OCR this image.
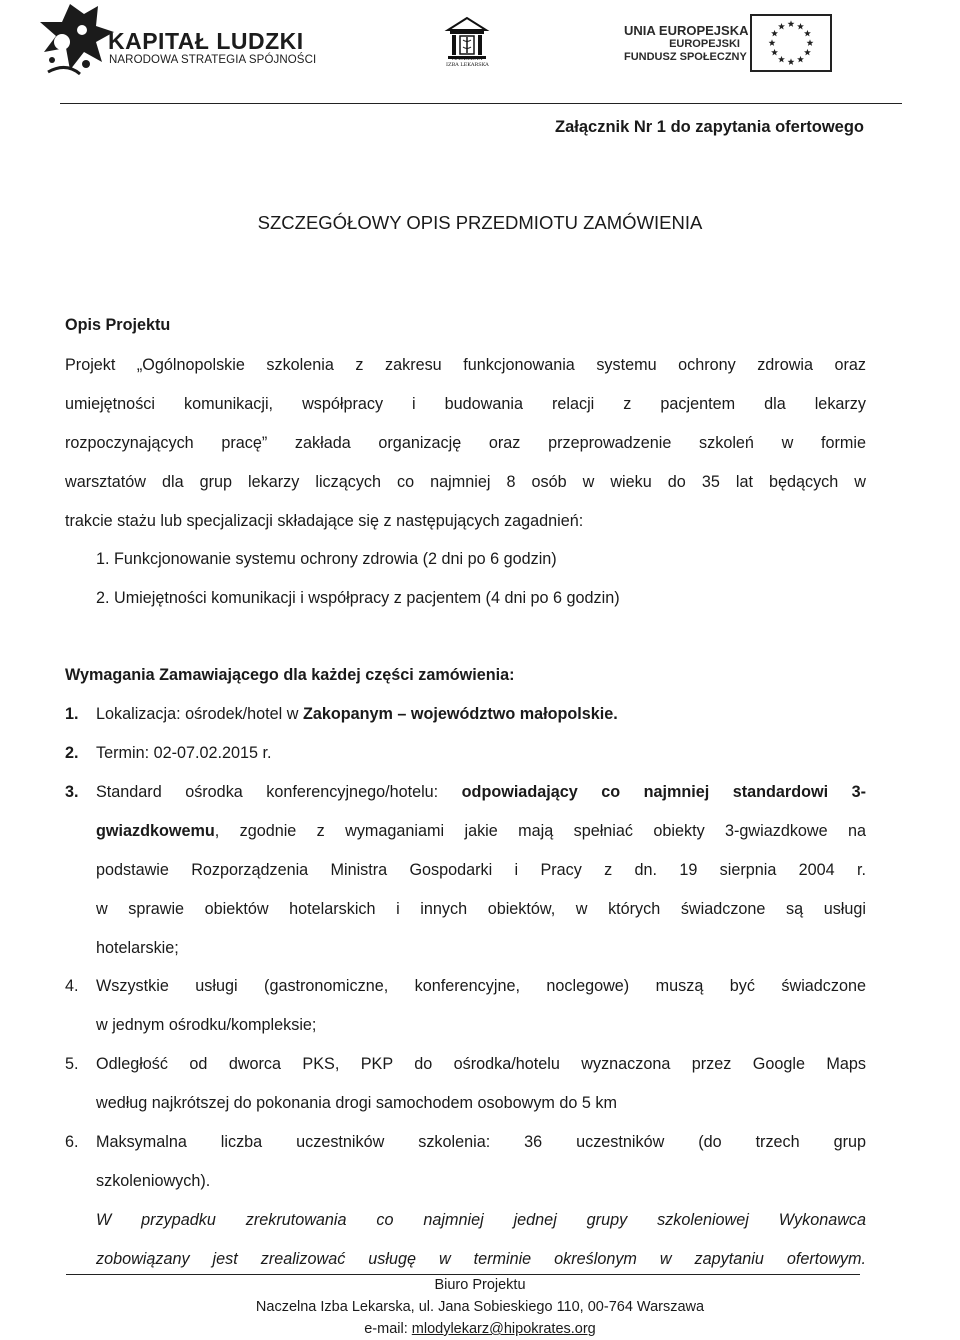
KAPITAŁ LUDZKI
NARODOWA STRATEGIA SPÓJNOŚCI	NACZELNA
IZBA LEKARSKA
UNIA EUROPEJSKA
EUROPEJSKI
FUNDUSZ SPOŁECZNY
Załącznik Nr 1 do zapytania ofertowego
SZCZEGÓŁOWY OPIS PRZEDMIOTU ZAMÓWIENIA
Opis Projektu
Projekt „Ogólnopolskie szkolenia z zakresu funkcjonowania systemu ochrony zdrowia oraz
umiejętności komunikacji, współpracy i budowania relacji z pacjentem dla lekarzy
rozpoczynających pracę” zakłada organizację oraz przeprowadzenie szkoleń w formie
warsztatów dla grup lekarzy liczących co najmniej 8 osób w wieku do 35 lat będących w
trakcie stażu lub specjalizacji składające się z następujących zagadnień:
1. Funkcjonowanie systemu ochrony zdrowia (2 dni po 6 godzin)
2. Umiejętności komunikacji i współpracy z pacjentem (4 dni po 6 godzin)
Wymagania Zamawiającego dla każdej części zamówienia:
1. Lokalizacja: ośrodek/hotel w Zakopanym – województwo małopolskie.
2. Termin: 02-07.02.2015 r.
3. Standard ośrodka konferencyjnego/hotelu: odpowiadający co najmniej standardowi 3-
gwiazdkowemu, zgodnie z wymaganiami jakie mają spełniać obiekty 3-gwiazdkowe na
podstawie Rozporządzenia Ministra Gospodarki i Pracy z dn. 19 sierpnia 2004 r.
w sprawie obiektów hotelarskich i innych obiektów, w których świadczone są usługi
hotelarskie;
4. Wszystkie usługi (gastronomiczne, konferencyjne, noclegowe) muszą być świadczone
w jednym ośrodku/kompleksie;
5. Odległość od dworca PKS, PKP do ośrodka/hotelu wyznaczona przez Google Maps
według najkrótszej do pokonania drogi samochodem osobowym do 5 km
6. Maksymalna liczba uczestników szkolenia: 36 uczestników (do trzech grup
szkoleniowych).
W przypadku zrekrutowania co najmniej jednej grupy szkoleniowej Wykonawca
zobowiązany jest zrealizować usługę w terminie określonym w zapytaniu ofertowym.
Biuro Projektu
Naczelna Izba Lekarska, ul. Jana Sobieskiego 110, 00-764 Warszawa
e-mail: mlodylekarz@hipokrates.org
